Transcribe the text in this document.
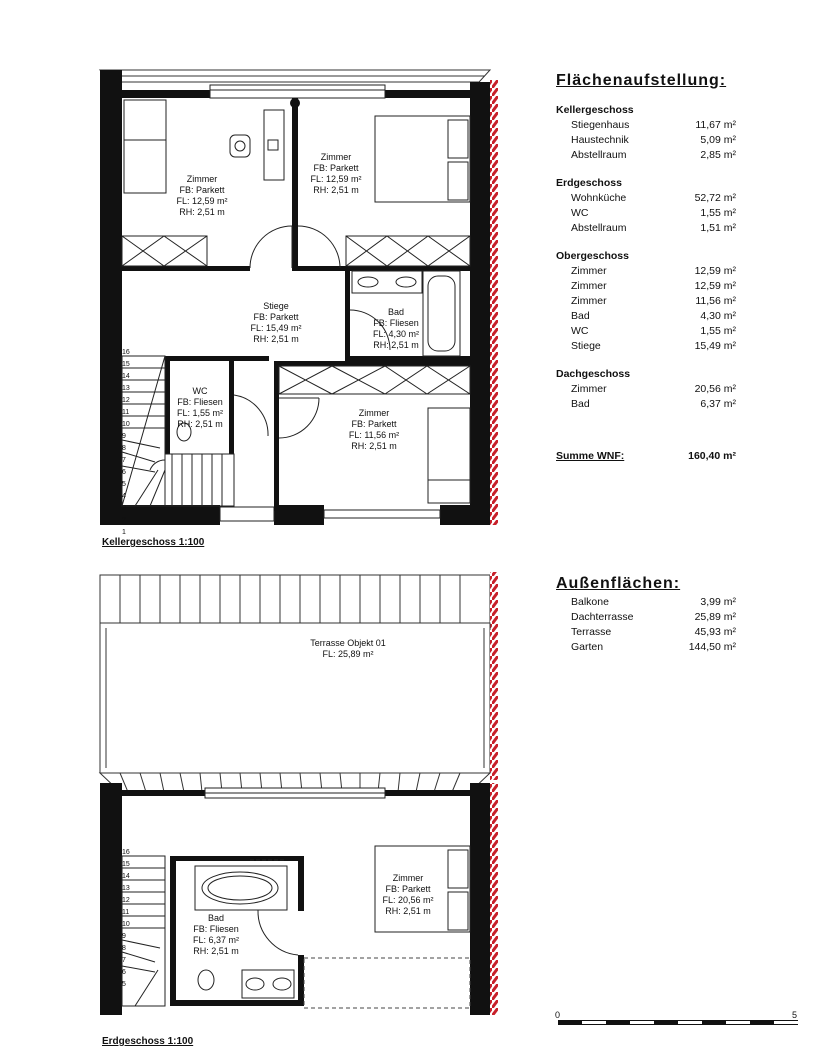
Zimmer
FB: Parkett
FL: 12,59 m²
RH: 2,51 m
Zimmer
FB: Parkett
FL: 12,59 m²
RH: 2,51 m
Stiege
FB: Parkett
FL: 15,49 m²
RH: 2,51 m
Bad
FB: Fliesen
FL: 4,30 m²
RH: 2,51 m
WC
FB: Fliesen
FL: 1,55 m²
RH: 2,51 m
Zimmer
FB: Parkett
FL: 11,56 m²
RH: 2,51 m
Terrasse Objekt 01
FL: 25,89 m²
Zimmer
FB: Parkett
FL: 20,56 m²
RH: 2,51 m
Bad
FB: Fliesen
FL: 6,37 m²
RH: 2,51 m
16
15
14
13
12
11
10
9
8
7
6
5
4
3
2
1
16
15
14
13
12
11
10
9
8
7
6
5
Kellergeschoss 1:100
Erdgeschoss 1:100
0	5
Flächenaufstellung:
Kellergeschoss
Stiegenhaus	11,67 m²
Haustechnik	5,09 m²
Abstellraum	2,85 m²
Erdgeschoss
Wohnküche	52,72 m²
WC	1,55 m²
Abstellraum	1,51 m²
Obergeschoss
Zimmer	12,59 m²
Zimmer	12,59 m²
Zimmer	11,56 m²
Bad	4,30 m²
WC	1,55 m²
Stiege	15,49 m²
Dachgeschoss
Zimmer	20,56 m²
Bad	6,37 m²
Summe WNF:	160,40 m²
Außenflächen:
Balkone	3,99 m²
Dachterrasse	25,89 m²
Terrasse	45,93 m²
Garten	144,50 m²
